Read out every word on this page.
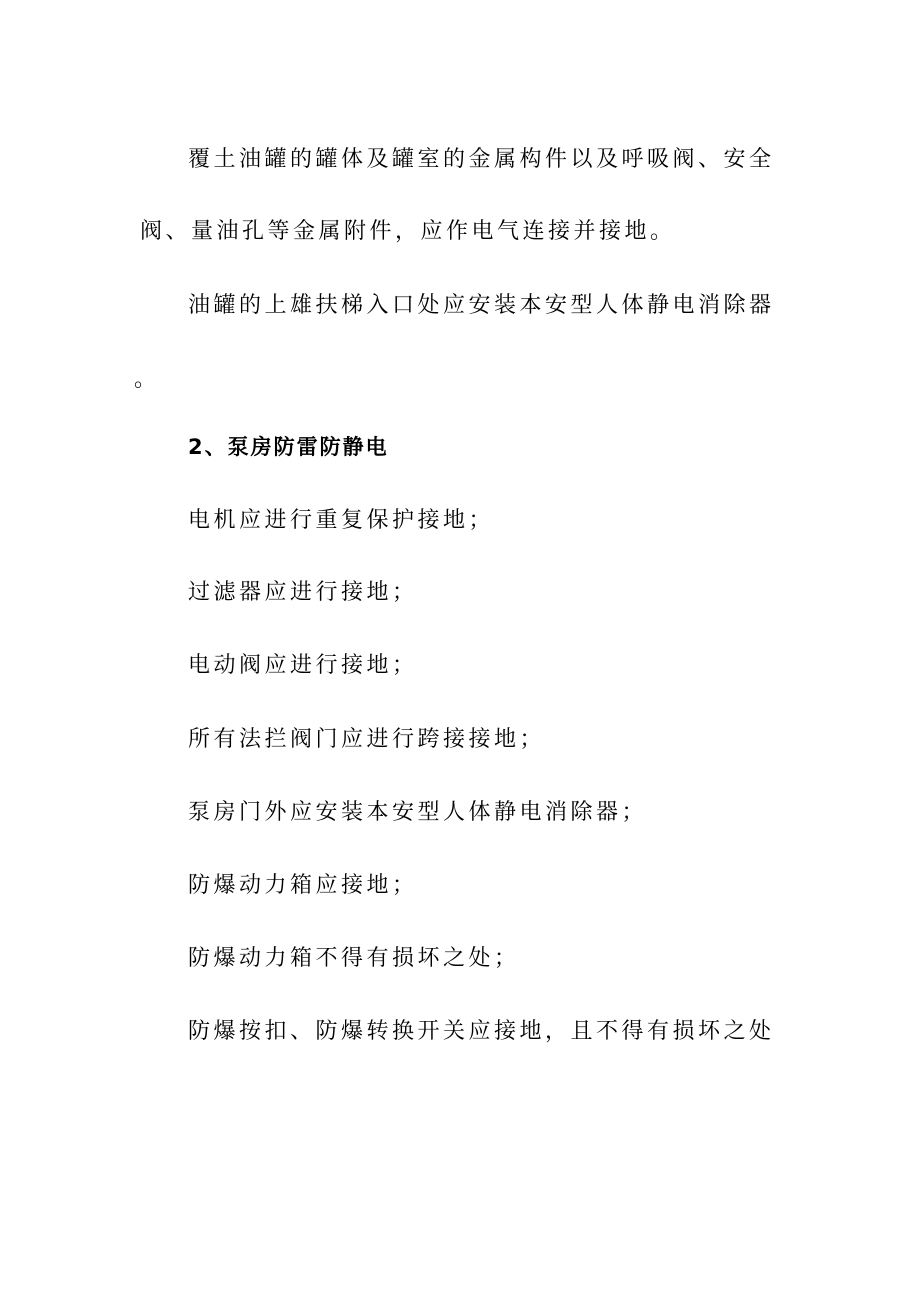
覆土油罐的罐体及罐室的金属构件以及呼吸阀、安全
阀、量油孔等金属附件，应作电气连接并接地。
油罐的上雄扶梯入口处应安装本安型人体静电消除器
。
2、泵房防雷防静电
电机应进行重复保护接地；
过滤器应进行接地；
电动阀应进行接地；
所有法拦阀门应进行跨接接地；
泵房门外应安装本安型人体静电消除器；
防爆动力箱应接地；
防爆动力箱不得有损坏之处；
防爆按扣、防爆转换开关应接地，且不得有损坏之处
